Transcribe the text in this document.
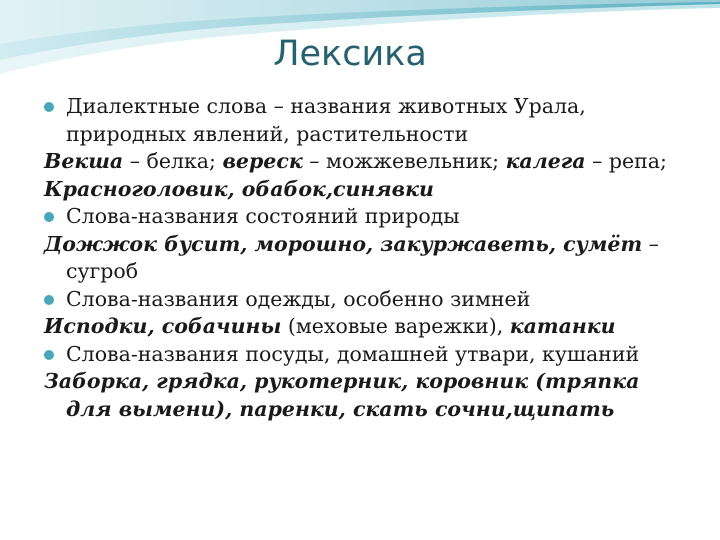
Лексика
Диалектные слова – названия животных Урала,
природных явлений, растительности
Векша – белка; вереск – можжевельник; калега – репа;
Красноголовик, обабок,синявки
Слова-названия состояний природы
Дожжок бусит, морошно, закуржаветь, сумёт –
сугроб
Слова-названия одежды, особенно зимней
Исподки, собачины (меховые варежки), катанки
Слова-названия посуды, домашней утвари, кушаний
Заборка, грядка, рукотерник, коровник (тряпка
для вымени), паренки, скать сочни,щипать
